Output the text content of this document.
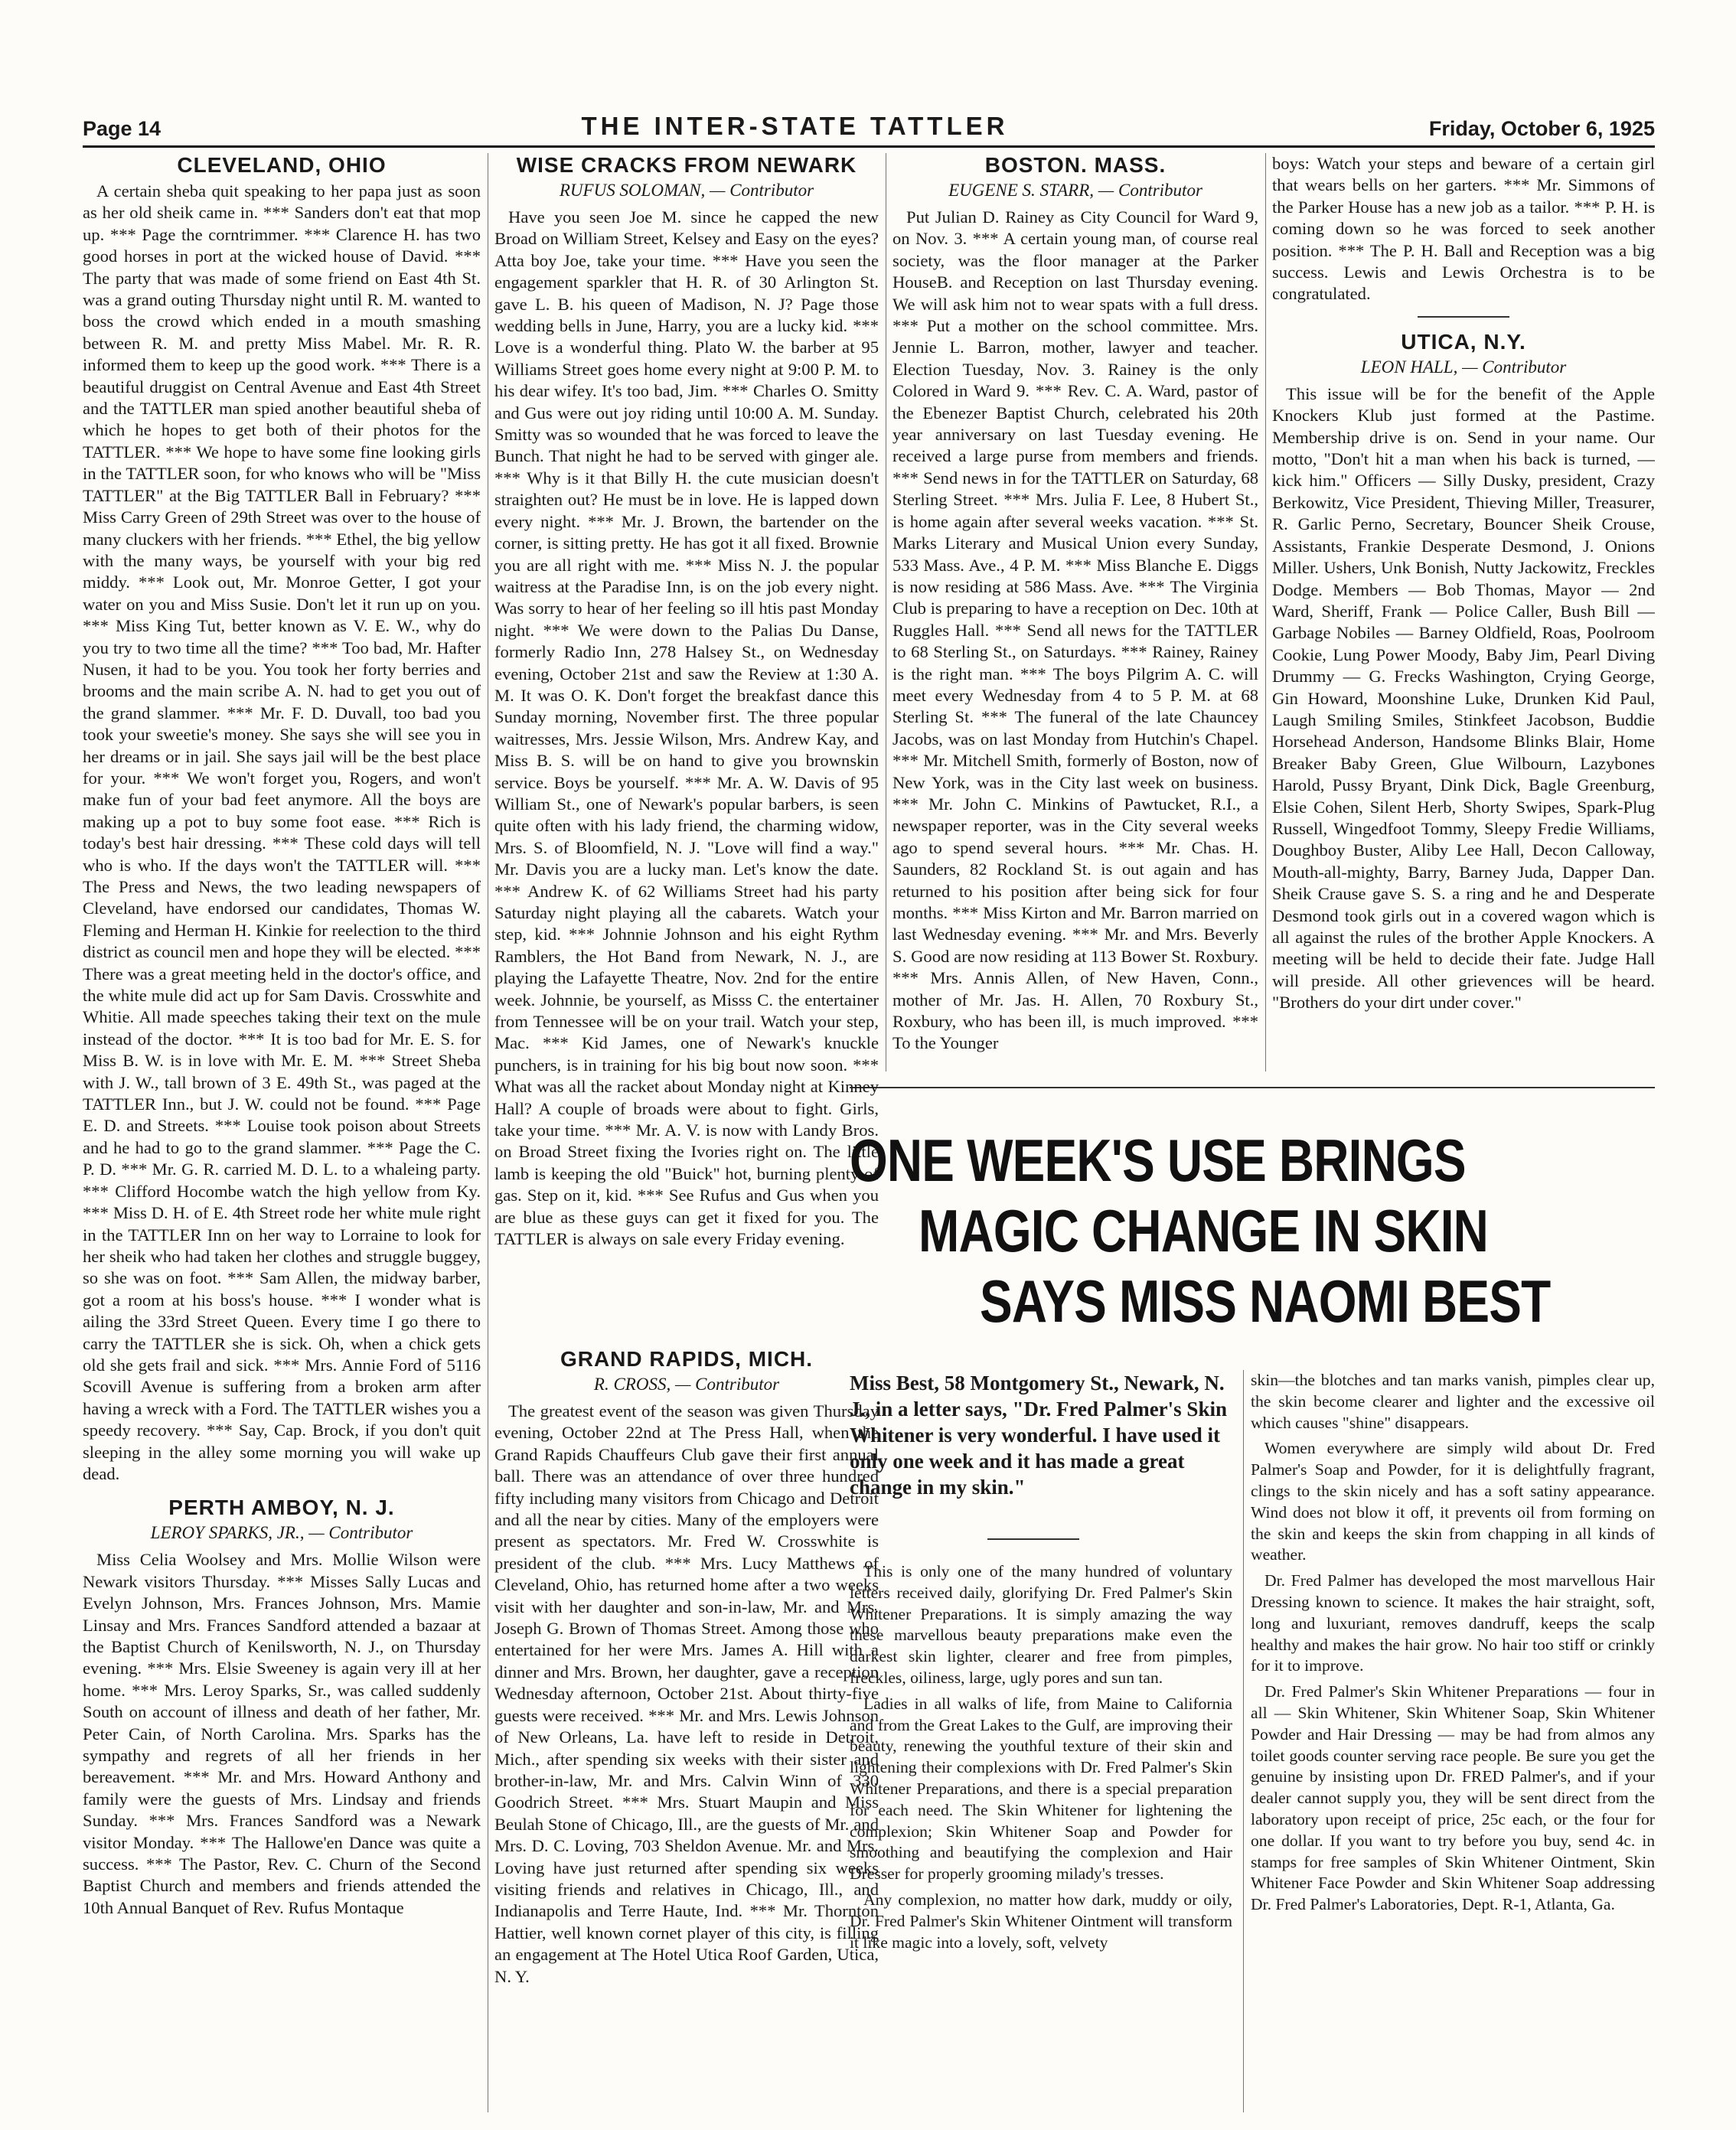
Page 14	THE INTER-STATE TATTLER	Friday, October 6, 1925
CLEVELAND, OHIO

A certain sheba quit speaking to her papa just as soon as her old sheik came in. *** Sanders don't eat that mop up. *** Page the corntrimmer. *** Clarence H. has two good horses in port at the wicked house of David. *** The party that was made of some friend on East 4th St. was a grand outing Thursday night until R. M. wanted to boss the crowd which ended in a mouth smashing between R. M. and pretty Miss Mabel. Mr. R. R. informed them to keep up the good work. *** There is a beautiful druggist on Central Avenue and East 4th Street and the TATTLER man spied another beautiful sheba of which he hopes to get both of their photos for the TATTLER. *** We hope to have some fine looking girls in the TATTLER soon, for who knows who will be "Miss TATTLER" at the Big TATTLER Ball in February? *** Miss Carry Green of 29th Street was over to the house of many cluckers with her friends. *** Ethel, the big yellow with the many ways, be yourself with your big red middy. *** Look out, Mr. Monroe Getter, I got your water on you and Miss Susie. Don't let it run up on you. *** Miss King Tut, better known as V. E. W., why do you try to two time all the time? *** Too bad, Mr. Hafter Nusen, it had to be you. You took her forty berries and brooms and the main scribe A. N. had to get you out of the grand slammer. *** Mr. F. D. Duvall, too bad you took your sweetie's money. She says she will see you in her dreams or in jail. She says jail will be the best place for your. *** We won't forget you, Rogers, and won't make fun of your bad feet anymore. All the boys are making up a pot to buy some foot ease. *** Rich is today's best hair dressing. *** These cold days will tell who is who. If the days won't the TATTLER will. *** The Press and News, the two leading newspapers of Cleveland, have endorsed our candidates, Thomas W. Fleming and Herman H. Kinkie for reelection to the third district as council men and hope they will be elected. *** There was a great meeting held in the doctor's office, and the white mule did act up for Sam Davis. Crosswhite and Whitie. All made speeches taking their text on the mule instead of the doctor. *** It is too bad for Mr. E. S. for Miss B. W. is in love with Mr. E. M. *** Street Sheba with J. W., tall brown of 3 E. 49th St., was paged at the TATTLER Inn., but J. W. could not be found. *** Page E. D. and Streets. *** Louise took poison about Streets and he had to go to the grand slammer. *** Page the C. P. D. *** Mr. G. R. carried M. D. L. to a whaleing party. *** Clifford Hocombe watch the high yellow from Ky. *** Miss D. H. of E. 4th Street rode her white mule right in the TATTLER Inn on her way to Lorraine to look for her sheik who had taken her clothes and struggle buggey, so she was on foot. *** Sam Allen, the midway barber, got a room at his boss's house. *** I wonder what is ailing the 33rd Street Queen. Every time I go there to carry the TATTLER she is sick. Oh, when a chick gets old she gets frail and sick. *** Mrs. Annie Ford of 5116 Scovill Avenue is suffering from a broken arm after having a wreck with a Ford. The TATTLER wishes you a speedy recovery. *** Say, Cap. Brock, if you don't quit sleeping in the alley some morning you will wake up dead.

PERTH AMBOY, N. J.
LEROY SPARKS, JR., — Contributor

Miss Celia Woolsey and Mrs. Mollie Wilson were Newark visitors Thursday. *** Misses Sally Lucas and Evelyn Johnson, Mrs. Frances Johnson, Mrs. Mamie Linsay and Mrs. Frances Sandford attended a bazaar at the Baptist Church of Kenilsworth, N. J., on Thursday evening. *** Mrs. Elsie Sweeney is again very ill at her home. *** Mrs. Leroy Sparks, Sr., was called suddenly South on account of illness and death of her father, Mr. Peter Cain, of North Carolina. Mrs. Sparks has the sympathy and regrets of all her friends in her bereavement. *** Mr. and Mrs. Howard Anthony and family were the guests of Mrs. Lindsay and friends Sunday. *** Mrs. Frances Sandford was a Newark visitor Monday. *** The Hallowe'en Dance was quite a success. *** The Pastor, Rev. C. Churn of the Second Baptist Church and members and friends attended the 10th Annual Banquet of Rev. Rufus Montaque

WISE CRACKS FROM NEWARK
RUFUS SOLOMAN, — Contributor

Have you seen Joe M. since he capped the new Broad on William Street, Kelsey and Easy on the eyes? Atta boy Joe, take your time. *** Have you seen the engagement sparkler that H. R. of 30 Arlington St. gave L. B. his queen of Madison, N. J? Page those wedding bells in June, Harry, you are a lucky kid. *** Love is a wonderful thing. Plato W. the barber at 95 Williams Street goes home every night at 9:00 P. M. to his dear wifey. It's too bad, Jim. *** Charles O. Smitty and Gus were out joy riding until 10:00 A. M. Sunday. Smitty was so wounded that he was forced to leave the Bunch. That night he had to be served with ginger ale. *** Why is it that Billy H. the cute musician doesn't straighten out? He must be in love. He is lapped down every night. *** Mr. J. Brown, the bartender on the corner, is sitting pretty. He has got it all fixed. Brownie you are all right with me. *** Miss N. J. the popular waitress at the Paradise Inn, is on the job every night. Was sorry to hear of her feeling so ill htis past Monday night. *** We were down to the Palias Du Danse, formerly Radio Inn, 278 Halsey St., on Wednesday evening, October 21st and saw the Review at 1:30 A. M. It was O. K. Don't forget the breakfast dance this Sunday morning, November first. The three popular waitresses, Mrs. Jessie Wilson, Mrs. Andrew Kay, and Miss B. S. will be on hand to give you brownskin service. Boys be yourself. *** Mr. A. W. Davis of 95 William St., one of Newark's popular barbers, is seen quite often with his lady friend, the charming widow, Mrs. S. of Bloomfield, N. J. "Love will find a way." Mr. Davis you are a lucky man. Let's know the date. *** Andrew K. of 62 Williams Street had his party Saturday night playing all the cabarets. Watch your step, kid. *** Johnnie Johnson and his eight Rythm Ramblers, the Hot Band from Newark, N. J., are playing the Lafayette Theatre, Nov. 2nd for the entire week. Johnnie, be yourself, as Misss C. the entertainer from Tennessee will be on your trail. Watch your step, Mac. *** Kid James, one of Newark's knuckle punchers, is in training for his big bout now soon. *** What was all the racket about Monday night at Kinney Hall? A couple of broads were about to fight. Girls, take your time. *** Mr. A. V. is now with Landy Bros. on Broad Street fixing the Ivories right on. The little lamb is keeping the old "Buick" hot, burning plenty of gas. Step on it, kid. *** See Rufus and Gus when you are blue as these guys can get it fixed for you. The TATTLER is always on sale every Friday evening.

GRAND RAPIDS, MICH.
R. CROSS, — Contributor

The greatest event of the season was given Thursday evening, October 22nd at The Press Hall, when the Grand Rapids Chauffeurs Club gave their first annual ball. There was an attendance of over three hundred fifty including many visitors from Chicago and Detroit and all the near by cities. Many of the employers were present as spectators. Mr. Fred W. Crosswhite is president of the club. *** Mrs. Lucy Matthews of Cleveland, Ohio, has returned home after a two weeks visit with her daughter and son-in-law, Mr. and Mrs. Joseph G. Brown of Thomas Street. Among those who entertained for her were Mrs. James A. Hill with a dinner and Mrs. Brown, her daughter, gave a reception Wednesday afternoon, October 21st. About thirty-five guests were received. *** Mr. and Mrs. Lewis Johnson of New Orleans, La. have left to reside in Detroit, Mich., after spending six weeks with their sister and brother-in-law, Mr. and Mrs. Calvin Winn of 330 Goodrich Street. *** Mrs. Stuart Maupin and Miss Beulah Stone of Chicago, Ill., are the guests of Mr. and Mrs. D. C. Loving, 703 Sheldon Avenue. Mr. and Mrs. Loving have just returned after spending six weeks visiting friends and relatives in Chicago, Ill., and Indianapolis and Terre Haute, Ind. *** Mr. Thornton Hattier, well known cornet player of this city, is filling an engagement at The Hotel Utica Roof Garden, Utica, N. Y.

BOSTON. MASS.
EUGENE S. STARR, — Contributor

Put Julian D. Rainey as City Council for Ward 9, on Nov. 3. *** A certain young man, of course real society, was the floor manager at the Parker HouseB. and Reception on last Thursday evening. We will ask him not to wear spats with a full dress. *** Put a mother on the school committee. Mrs. Jennie L. Barron, mother, lawyer and teacher. Election Tuesday, Nov. 3. Rainey is the only Colored in Ward 9. *** Rev. C. A. Ward, pastor of the Ebenezer Baptist Church, celebrated his 20th year anniversary on last Tuesday evening. He received a large purse from members and friends. *** Send news in for the TATTLER on Saturday, 68 Sterling Street. *** Mrs. Julia F. Lee, 8 Hubert St., is home again after several weeks vacation. *** St. Marks Literary and Musical Union every Sunday, 533 Mass. Ave., 4 P. M. *** Miss Blanche E. Diggs is now residing at 586 Mass. Ave. *** The Virginia Club is preparing to have a reception on Dec. 10th at Ruggles Hall. *** Send all news for the TATTLER to 68 Sterling St., on Saturdays. *** Rainey, Rainey is the right man. *** The boys Pilgrim A. C. will meet every Wednesday from 4 to 5 P. M. at 68 Sterling St. *** The funeral of the late Chauncey Jacobs, was on last Monday from Hutchin's Chapel. *** Mr. Mitchell Smith, formerly of Boston, now of New York, was in the City last week on business. *** Mr. John C. Minkins of Pawtucket, R.I., a newspaper reporter, was in the City several weeks ago to spend several hours. *** Mr. Chas. H. Saunders, 82 Rockland St. is out again and has returned to his position after being sick for four months. *** Miss Kirton and Mr. Barron married on last Wednesday evening. *** Mr. and Mrs. Beverly S. Good are now residing at 113 Bower St. Roxbury. *** Mrs. Annis Allen, of New Haven, Conn., mother of Mr. Jas. H. Allen, 70 Roxbury St., Roxbury, who has been ill, is much improved. *** To the Younger

boys: Watch your steps and beware of a certain girl that wears bells on her garters. *** Mr. Simmons of the Parker House has a new job as a tailor. *** P. H. is coming down so he was forced to seek another position. *** The P. H. Ball and Reception was a big success. Lewis and Lewis Orchestra is to be congratulated.

UTICA, N.Y.
LEON HALL, — Contributor

This issue will be for the benefit of the Apple Knockers Klub just formed at the Pastime. Membership drive is on. Send in your name. Our motto, "Don't hit a man when his back is turned, — kick him." Officers — Silly Dusky, president, Crazy Berkowitz, Vice President, Thieving Miller, Treasurer, R. Garlic Perno, Secretary, Bouncer Sheik Crouse, Assistants, Frankie Desperate Desmond, J. Onions Miller. Ushers, Unk Bonish, Nutty Jackowitz, Freckles Dodge. Members — Bob Thomas, Mayor — 2nd Ward, Sheriff, Frank — Police Caller, Bush Bill — Garbage Nobiles — Barney Oldfield, Roas, Poolroom Cookie, Lung Power Moody, Baby Jim, Pearl Diving Drummy — G. Frecks Washington, Crying George, Gin Howard, Moonshine Luke, Drunken Kid Paul, Laugh Smiling Smiles, Stinkfeet Jacobson, Buddie Horsehead Anderson, Handsome Blinks Blair, Home Breaker Baby Green, Glue Wilbourn, Lazybones Harold, Pussy Bryant, Dink Dick, Bagle Greenburg, Elsie Cohen, Silent Herb, Shorty Swipes, Spark-Plug Russell, Wingedfoot Tommy, Sleepy Fredie Williams, Doughboy Buster, Aliby Lee Hall, Decon Calloway, Mouth-all-mighty, Barry, Barney Juda, Dapper Dan. Sheik Crause gave S. S. a ring and he and Desperate Desmond took girls out in a covered wagon which is all against the rules of the brother Apple Knockers. A meeting will be held to decide their fate. Judge Hall will preside. All other grievences will be heard. "Brothers do your dirt under cover."

ONE WEEK'S USE BRINGS
MAGIC CHANGE IN SKIN
SAYS MISS NAOMI BEST
Miss Best, 58 Montgomery St., Newark, N. J., in a letter says, "Dr. Fred Palmer's Skin Whitener is very wonderful. I have used it only one week and it has made a great change in my skin."

This is only one of the many hundred of voluntary letters received daily, glorifying Dr. Fred Palmer's Skin Whitener Preparations. It is simply amazing the way these marvellous beauty preparations make even the darkest skin lighter, clearer and free from pimples, freckles, oiliness, large, ugly pores and sun tan.

Ladies in all walks of life, from Maine to California and from the Great Lakes to the Gulf, are improving their beauty, renewing the youthful texture of their skin and lightening their complexions with Dr. Fred Palmer's Skin Whitener Preparations, and there is a special preparation for each need. The Skin Whitener for lightening the complexion; Skin Whitener Soap and Powder for smoothing and beautifying the complexion and Hair Dresser for properly grooming milady's tresses.

Any complexion, no matter how dark, muddy or oily, Dr. Fred Palmer's Skin Whitener Ointment will transform it like magic into a lovely, soft, velvety

skin—the blotches and tan marks vanish, pimples clear up, the skin become clearer and lighter and the excessive oil which causes "shine" disappears.

Women everywhere are simply wild about Dr. Fred Palmer's Soap and Powder, for it is delightfully fragrant, clings to the skin nicely and has a soft satiny appearance. Wind does not blow it off, it prevents oil from forming on the skin and keeps the skin from chapping in all kinds of weather.

Dr. Fred Palmer has developed the most marvellous Hair Dressing known to science. It makes the hair straight, soft, long and luxuriant, removes dandruff, keeps the scalp healthy and makes the hair grow. No hair too stiff or crinkly for it to improve.

Dr. Fred Palmer's Skin Whitener Preparations — four in all — Skin Whitener, Skin Whitener Soap, Skin Whitener Powder and Hair Dressing — may be had from almos any toilet goods counter serving race people. Be sure you get the genuine by insisting upon Dr. FRED Palmer's, and if your dealer cannot supply you, they will be sent direct from the laboratory upon receipt of price, 25c each, or the four for one dollar. If you want to try before you buy, send 4c. in stamps for free samples of Skin Whitener Ointment, Skin Whitener Face Powder and Skin Whitener Soap addressing Dr. Fred Palmer's Laboratories, Dept. R-1, Atlanta, Ga.
